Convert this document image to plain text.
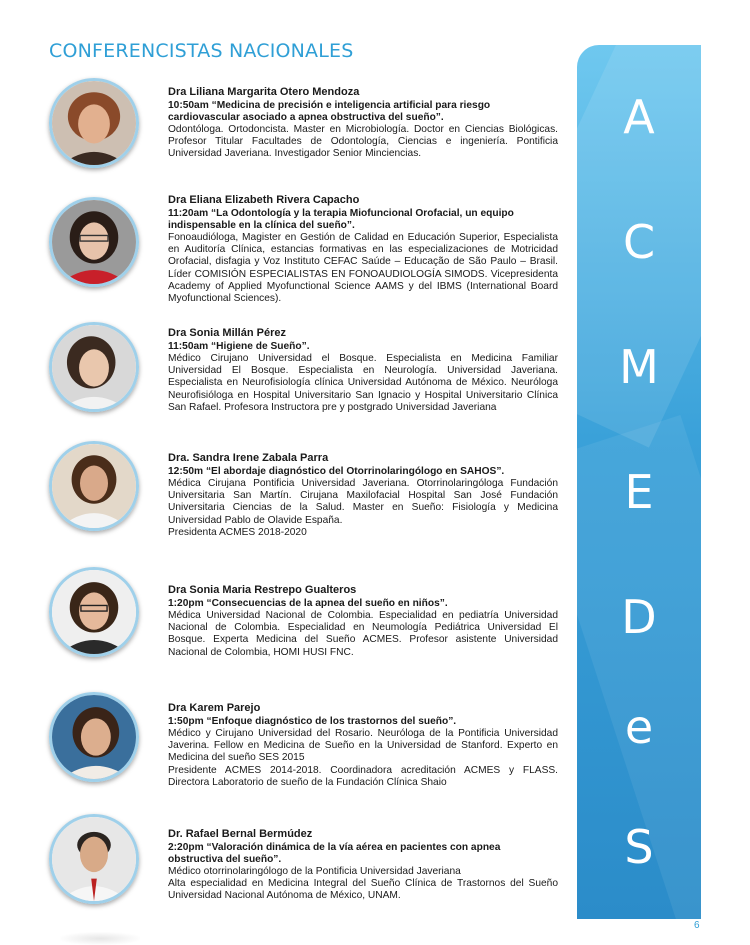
CONFERENCISTAS NACIONALES
Dra Liliana Margarita Otero Mendoza
10:50am “Medicina de precisión e inteligencia artificial para riesgo cardiovascular asociado a apnea obstructiva del sueño”.
Odontóloga. Ortodoncista. Master en Microbiología. Doctor en Ciencias Biológicas. Profesor Titular Facultades de Odontología, Ciencias e ingeniería. Pontificia Universidad Javeriana. Investigador Senior Minciencias.
Dra Eliana Elizabeth Rivera Capacho
11:20am “La Odontología y la terapia Miofuncional Orofacial, un equipo indispensable en la clínica del sueño”.
Fonoaudióloga, Magister en Gestión de Calidad en Educación Superior, Especialista en Auditoría Clínica, estancias formativas en las especializaciones de Motricidad Orofacial, disfagia y Voz Instituto CEFAC Saúde – Educação de São Paulo – Brasil. Líder COMISIÓN ESPECIALISTAS EN FONOAUDIOLOGÍA SIMODS. Vicepresidenta Academy of Applied Myofunctional Science AAMS y del IBMS (International Board Myofunctional Sciences).
Dra Sonia Millán Pérez
11:50am “Higiene de Sueño”.
Médico Cirujano Universidad el Bosque. Especialista en Medicina Familiar Universidad El Bosque. Especialista en Neurología. Universidad Javeriana. Especialista en Neurofisiología clínica Universidad Autónoma de México. Neuróloga Neurofisióloga en Hospital Universitario San Ignacio y Hospital Universitario Clínica San Rafael. Profesora Instructora pre y postgrado Universidad Javeriana
Dra. Sandra Irene Zabala Parra
12:50m “El abordaje diagnóstico del Otorrinolaringólogo en SAHOS”.
Médica Cirujana Pontificia Universidad Javeriana. Otorrinolaringóloga Fundación Universitaria San Martín. Cirujana Maxilofacial Hospital San José Fundación Universitaria Ciencias de la Salud. Master en Sueño: Fisiología y Medicina Universidad Pablo de Olavide España.
Presidenta ACMES 2018-2020
Dra Sonia Maria Restrepo Gualteros
1:20pm “Consecuencias de la apnea del sueño en niños”.
Médica Universidad Nacional de Colombia. Especialidad en pediatría Universidad Nacional de Colombia. Especialidad en Neumología Pediátrica Universidad El Bosque. Experta Medicina del Sueño ACMES. Profesor asistente Universidad Nacional de Colombia, HOMI HUSI FNC.
Dra Karem Parejo
1:50pm “Enfoque diagnóstico de los trastornos del sueño”.
Médico y Cirujano Universidad del Rosario. Neuróloga de la Pontificia Universidad Javerina. Fellow en Medicina de Sueño en la Universidad de Stanford. Experto en Medicina del sueño SES 2015
Presidente ACMES 2014-2018. Coordinadora acreditación ACMES y FLASS. Directora Laboratorio de sueño de la Fundación Clínica Shaio
Dr. Rafael Bernal Bermúdez
2:20pm “Valoración dinámica de la vía aérea en pacientes con apnea obstructiva del sueño”.
Médico otorrinolaringólogo de la Pontificia Universidad Javeriana
Alta especialidad en Medicina Integral del Sueño Clínica de Trastornos del Sueño Universidad Nacional Autónoma de México, UNAM.
A
C
M
E
D
e
S
6
